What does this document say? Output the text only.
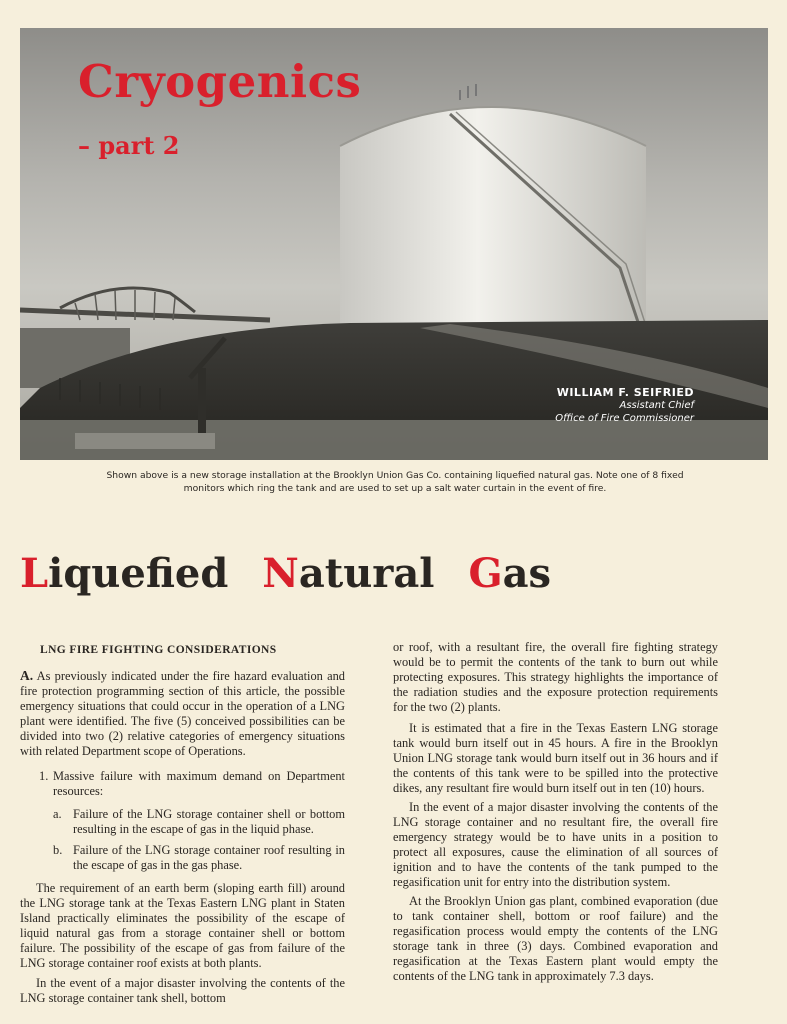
Cryogenics
– part 2
WILLIAM F. SEIFRIED
Assistant Chief
Office of Fire Commissioner
Shown above is a new storage installation at the Brooklyn Union Gas Co. containing liquefied natural gas. Note one of 8 fixed monitors which ring the tank and are used to set up a salt water curtain in the event of fire.
Liquefied Natural Gas

LNG FIRE FIGHTING CONSIDERATIONS

A. As previously indicated under the fire hazard evaluation and fire protection programming section of this article, the possible emergency situations that could occur in the operation of a LNG plant were identified. The five (5) conceived possibilities can be divided into two (2) relative categories of emergency situations with related Department scope of Operations.

1. Massive failure with maximum demand on Department resources:
a. Failure of the LNG storage container shell or bottom resulting in the escape of gas in the liquid phase.
b. Failure of the LNG storage container roof resulting in the escape of gas in the gas phase.

The requirement of an earth berm (sloping earth fill) around the LNG storage tank at the Texas Eastern LNG plant in Staten Island practically eliminates the possibility of the escape of liquid natural gas from a storage container shell or bottom failure. The possibility of the escape of gas from failure of the LNG storage container roof exists at both plants.

In the event of a major disaster involving the contents of the LNG storage container tank shell, bottom

or roof, with a resultant fire, the overall fire fighting strategy would be to permit the contents of the tank to burn out while protecting exposures. This strategy highlights the importance of the radiation studies and the exposure protection requirements for the two (2) plants.

It is estimated that a fire in the Texas Eastern LNG storage tank would burn itself out in 45 hours. A fire in the Brooklyn Union LNG storage tank would burn itself out in 36 hours and if the contents of this tank were to be spilled into the protective dikes, any resultant fire would burn itself out in ten (10) hours.

In the event of a major disaster involving the contents of the LNG storage container and no resultant fire, the overall fire emergency strategy would be to have units in a position to protect all exposures, cause the elimination of all sources of ignition and to have the contents of the tank pumped to the regasification unit for entry into the distribution system.

At the Brooklyn Union gas plant, combined evaporation (due to tank container shell, bottom or roof failure) and the regasification process would empty the contents of the LNG storage tank in three (3) days. Combined evaporation and regasification at the Texas Eastern plant would empty the contents of the LNG tank in approximately 7.3 days.
